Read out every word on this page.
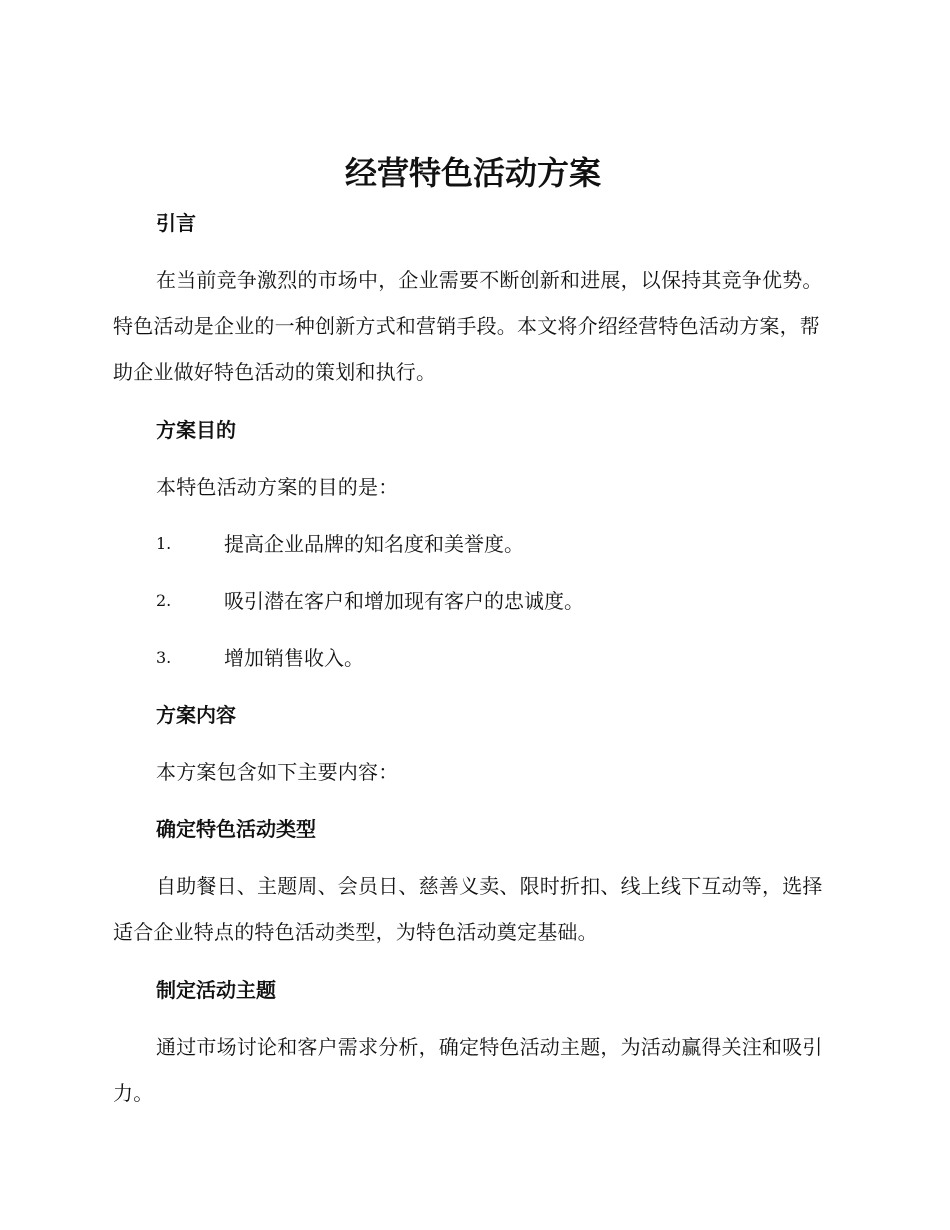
经营特色活动方案
引言

在当前竞争激烈的市场中，企业需要不断创新和进展，以保持其竞争优势。特色活动是企业的一种创新方式和营销手段。本文将介绍经营特色活动方案，帮助企业做好特色活动的策划和执行。

方案目的

本特色活动方案的目的是：

1.	提高企业品牌的知名度和美誉度。
2.	吸引潜在客户和增加现有客户的忠诚度。
3.	增加销售收入。
方案内容

本方案包含如下主要内容：

确定特色活动类型

自助餐日、主题周、会员日、慈善义卖、限时折扣、线上线下互动等，选择适合企业特点的特色活动类型，为特色活动奠定基础。

制定活动主题

通过市场讨论和客户需求分析，确定特色活动主题，为活动赢得关注和吸引力。
